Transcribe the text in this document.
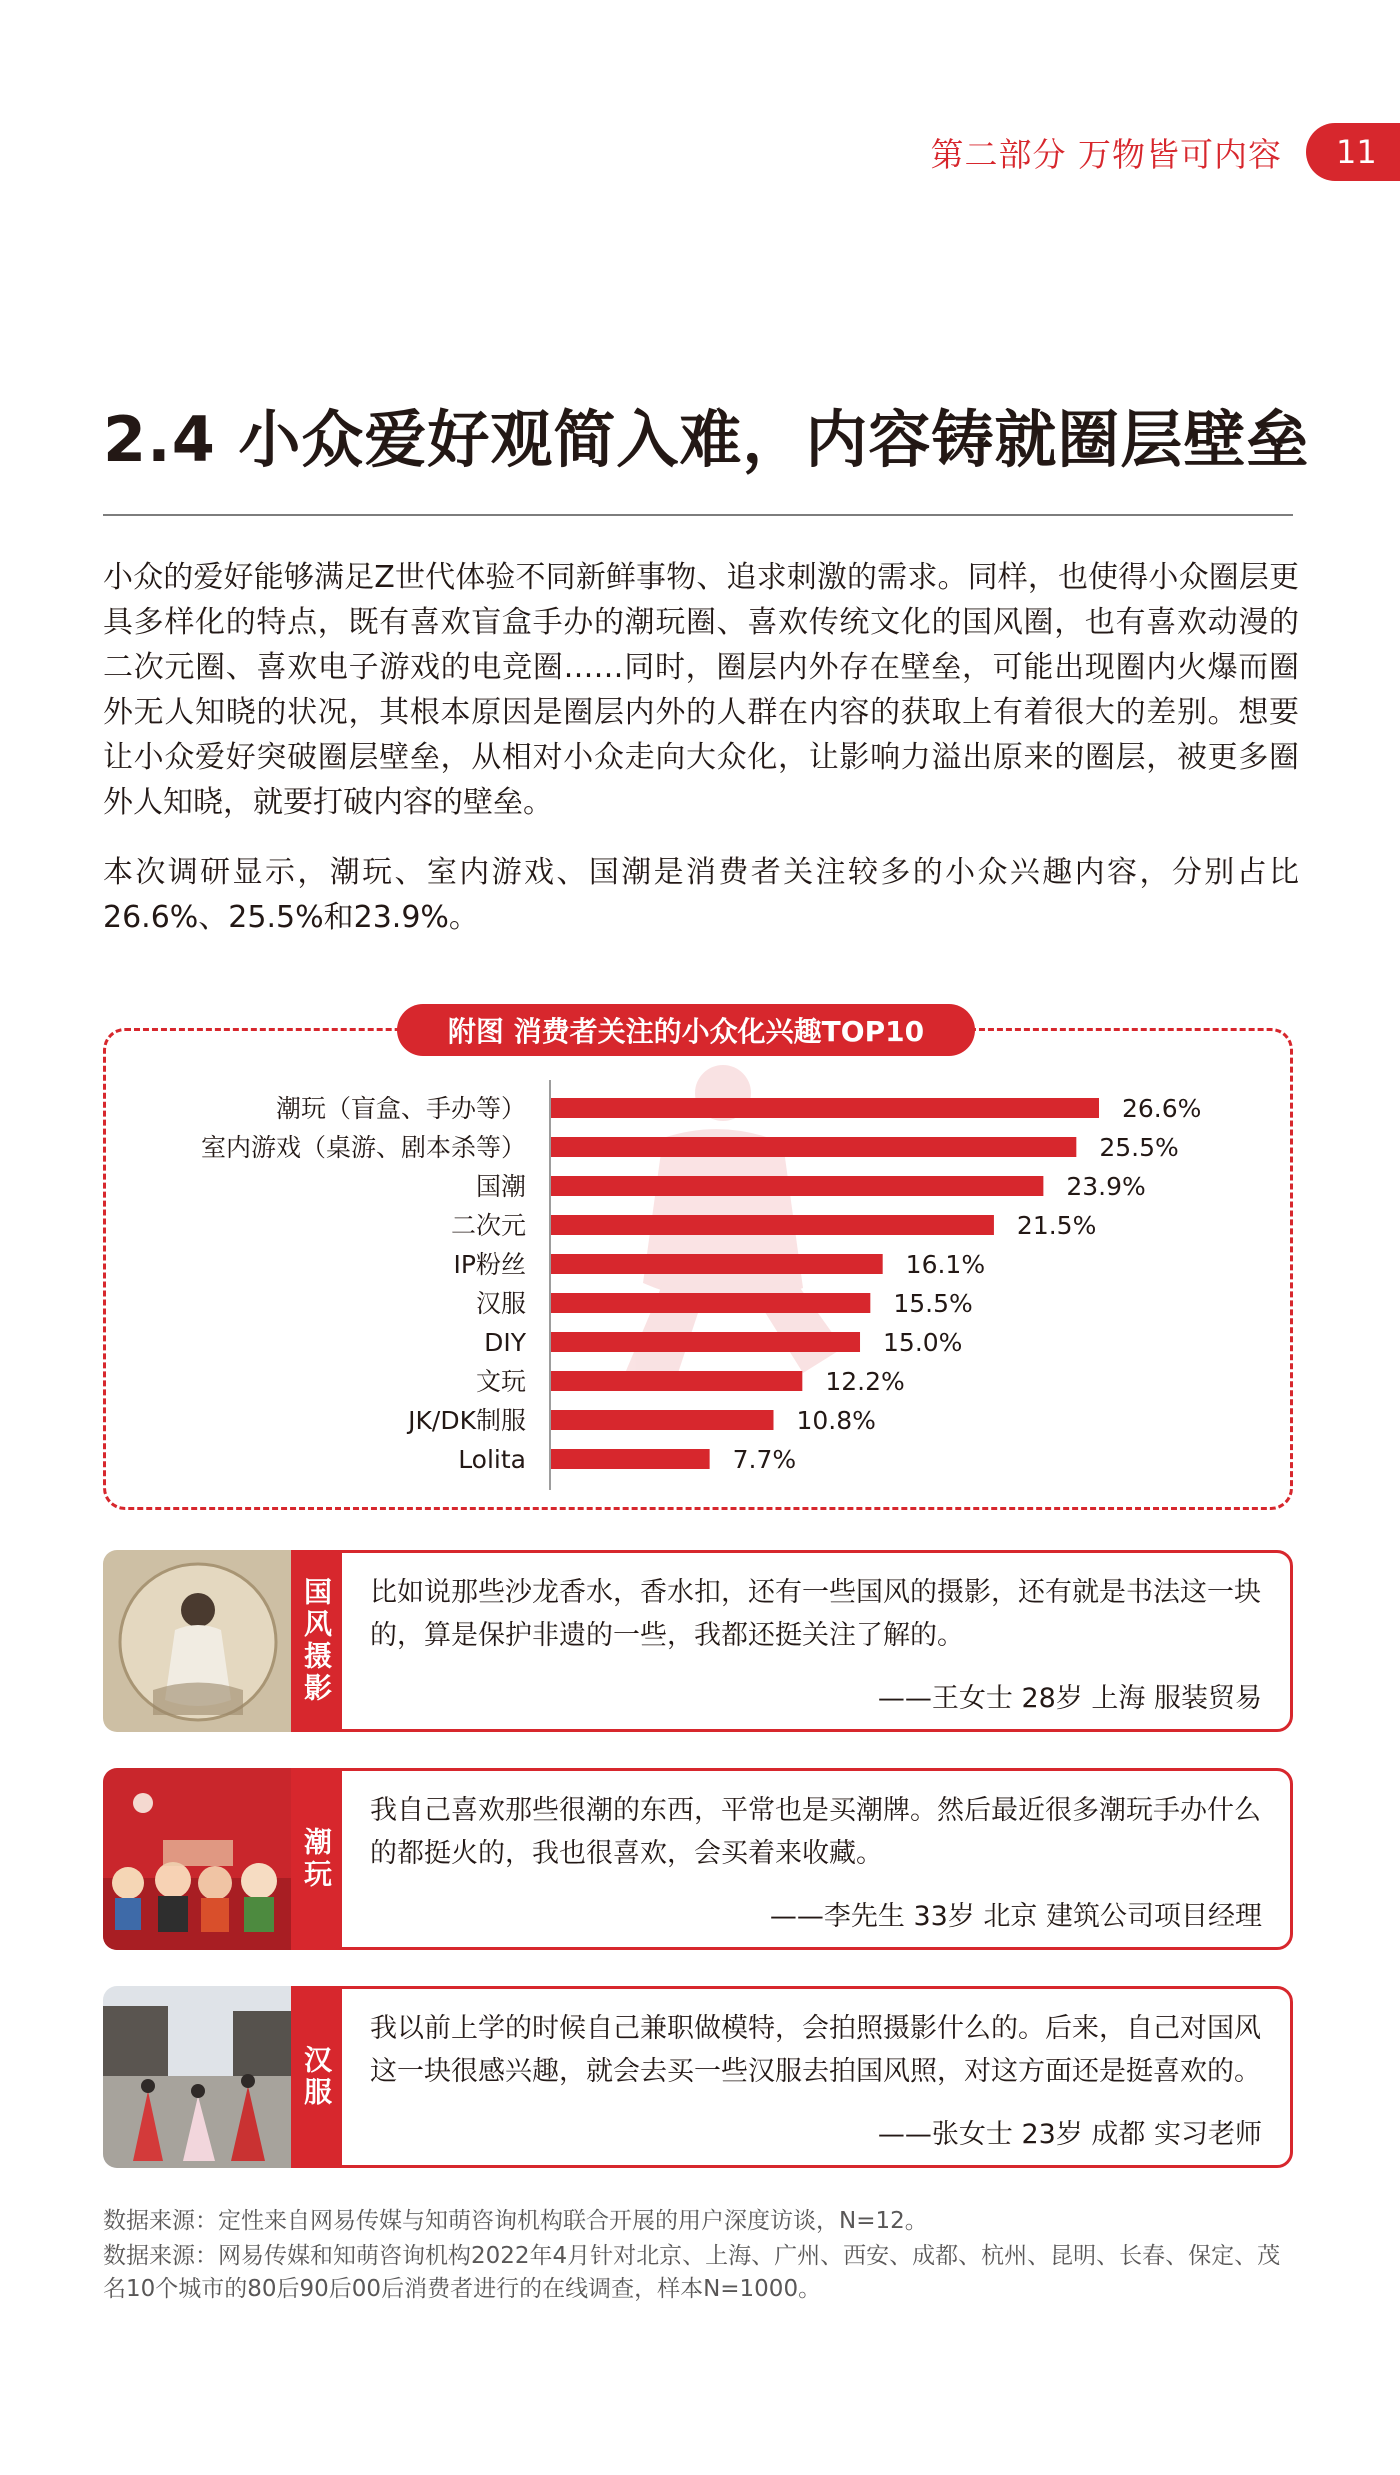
第二部分 万物皆可内容	11
2.4 小众爱好观简入难，内容铸就圈层壁垒

小众的爱好能够满足Z世代体验不同新鲜事物、追求刺激的需求。同样，也使得小众圈层更具多样化的特点，既有喜欢盲盒手办的潮玩圈、喜欢传统文化的国风圈，也有喜欢动漫的二次元圈、喜欢电子游戏的电竞圈……同时，圈层内外存在壁垒，可能出现圈内火爆而圈外无人知晓的状况，其根本原因是圈层内外的人群在内容的获取上有着很大的差别。想要让小众爱好突破圈层壁垒，从相对小众走向大众化，让影响力溢出原来的圈层，被更多圈外人知晓，就要打破内容的壁垒。

本次调研显示，潮玩、室内游戏、国潮是消费者关注较多的小众兴趣内容，分别占比26.6%、25.5%和23.9%。

潮玩（盲盒、手办等）	26.6%
室内游戏（桌游、剧本杀等）	25.5%
国潮	23.9%
二次元	21.5%
IP粉丝	16.1%
汉服	15.5%
DIY	15.0%
文玩	12.2%
JK/DK制服	10.8%
Lolita	7.7%
附图 消费者关注的小众化兴趣TOP10
国风摄影 比如说那些沙龙香水，香水扣，还有一些国风的摄影，还有就是书法这一块的，算是保护非遗的一些，我都还挺关注了解的。

——王女士 28岁 上海 服装贸易

潮玩

我自己喜欢那些很潮的东西，平常也是买潮牌。然后最近很多潮玩手办什么的都挺火的，我也很喜欢，会买着来收藏。

——李先生 33岁 北京 建筑公司项目经理

汉服

我以前上学的时候自己兼职做模特，会拍照摄影什么的。后来，自己对国风这一块很感兴趣，就会去买一些汉服去拍国风照，对这方面还是挺喜欢的。

——张女士 23岁 成都 实习老师

数据来源：定性来自网易传媒与知萌咨询机构联合开展的用户深度访谈，N=12。

数据来源：网易传媒和知萌咨询机构2022年4月针对北京、上海、广州、西安、成都、杭州、昆明、长春、保定、茂名10个城市的80后90后00后消费者进行的在线调查，样本N=1000。
